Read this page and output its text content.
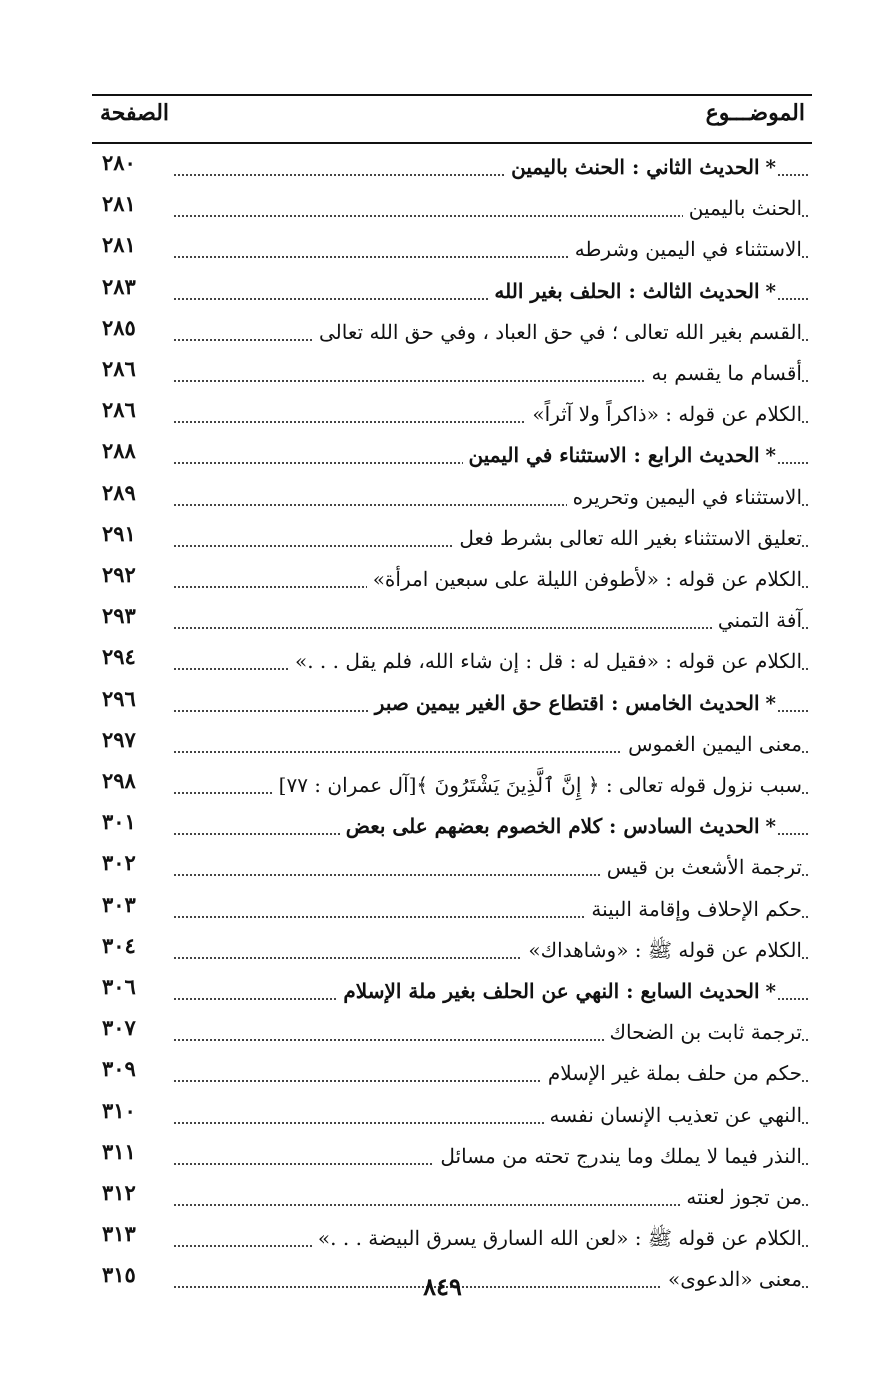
الموضـــوع
الصفحة
٢٨٠	*الحديث الثاني : الحنث باليمين
٢٨١	الحنث باليمين
٢٨١	الاستثناء في اليمين وشرطه
٢٨٣	*الحديث الثالث : الحلف بغير الله
٢٨٥	القسم بغير الله تعالى ؛ في حق العباد ، وفي حق الله تعالى
٢٨٦	أقسام ما يقسم به
٢٨٦	الكلام عن قوله : «ذاكراً ولا آثراً»
٢٨٨	*الحديث الرابع : الاستثناء في اليمين
٢٨٩	الاستثناء في اليمين وتحريره
٢٩١	تعليق الاستثناء بغير الله تعالى بشرط فعل
٢٩٢	الكلام عن قوله : «لأطوفن الليلة على سبعين امرأة»
٢٩٣	آفة التمني
٢٩٤	الكلام عن قوله : «فقيل له : قل : إن شاء الله، فلم يقل . . .»
٢٩٦	*الحديث الخامس : اقتطاع حق الغير بيمين صبر
٢٩٧	معنى اليمين الغموس
٢٩٨	سبب نزول قوله تعالى : ﴿ إِنَّ ٱلَّذِينَ يَشْتَرُونَ ﴾[آل عمران : ٧٧]
٣٠١	*الحديث السادس : كلام الخصوم بعضهم على بعض
٣٠٢	ترجمة الأشعث بن قيس
٣٠٣	حكم الإحلاف وإقامة البينة
٣٠٤	الكلام عن قوله ﷺ : «وشاهداك»
٣٠٦	*الحديث السابع : النهي عن الحلف بغير ملة الإسلام
٣٠٧	ترجمة ثابت بن الضحاك
٣٠٩	حكم من حلف بملة غير الإسلام
٣١٠	النهي عن تعذيب الإنسان نفسه
٣١١	النذر فيما لا يملك وما يندرج تحته من مسائل
٣١٢	من تجوز لعنته
٣١٣	الكلام عن قوله ﷺ : «لعن الله السارق يسرق البيضة . . .»
٣١٥	معنى «الدعوى»
٨٤٩
